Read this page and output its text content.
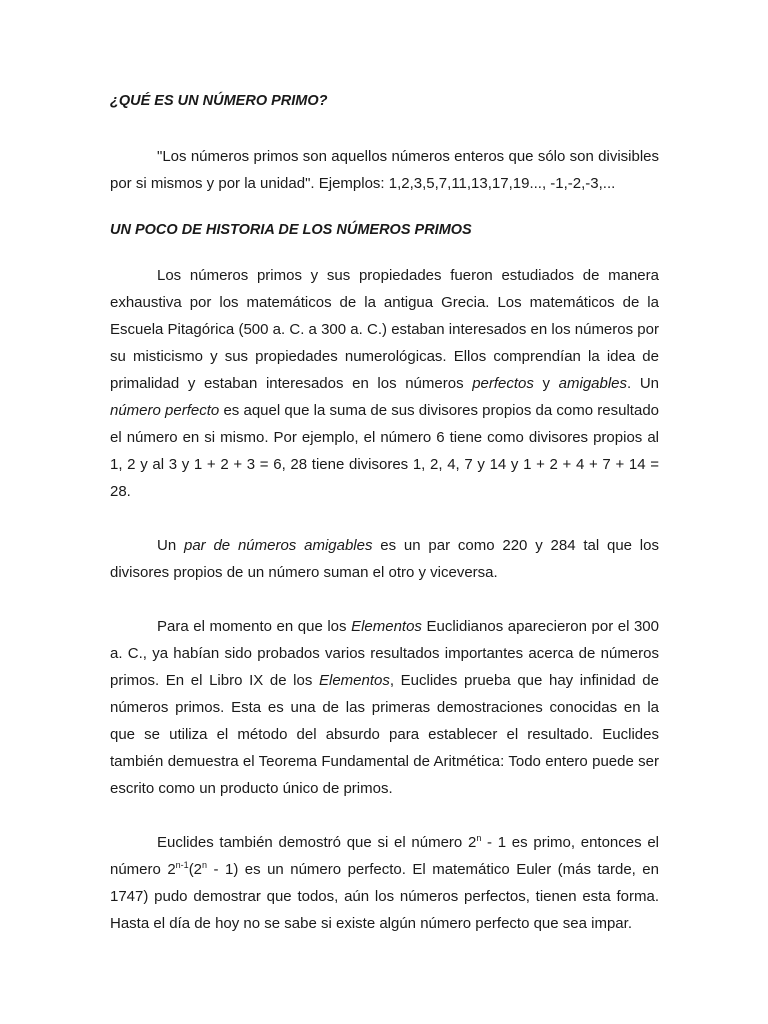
¿QUÉ ES UN NÚMERO PRIMO?

"Los números primos son aquellos números enteros que sólo son divisibles por si mismos y por la unidad". Ejemplos: 1,2,3,5,7,11,13,17,19..., -1,-2,-3,...

UN POCO DE HISTORIA DE LOS NÚMEROS PRIMOS

Los números primos y sus propiedades fueron estudiados de manera exhaustiva por los matemáticos de la antigua Grecia. Los matemáticos de la Escuela Pitagórica (500 a. C. a 300 a. C.) estaban interesados en los números por su misticismo y sus propiedades numerológicas. Ellos comprendían la idea de primalidad y estaban interesados en los números perfectos y amigables. Un número perfecto es aquel que la suma de sus divisores propios da como resultado el número en si mismo. Por ejemplo, el número 6 tiene como divisores propios al 1, 2 y al 3 y 1 + 2 + 3 = 6, 28 tiene divisores 1, 2, 4, 7 y 14 y 1 + 2 + 4 + 7 + 14 = 28.

Un par de números amigables es un par como 220 y 284 tal que los divisores propios de un número suman el otro y viceversa.

Para el momento en que los Elementos Euclidianos aparecieron por el 300 a. C., ya habían sido probados varios resultados importantes acerca de números primos. En el Libro IX de los Elementos, Euclides prueba que hay infinidad de números primos. Esta es una de las primeras demostraciones conocidas en la que se utiliza el método del absurdo para establecer el resultado. Euclides también demuestra el Teorema Fundamental de Aritmética: Todo entero puede ser escrito como un producto único de primos.

Euclides también demostró que si el número 2$^n$ - 1 es primo, entonces el número 2$^{n-1}$(2$^n$ - 1) es un número perfecto. El matemático Euler (más tarde, en 1747) pudo demostrar que todos, aún los números perfectos, tienen esta forma. Hasta el día de hoy no se sabe si existe algún número perfecto que sea impar.
